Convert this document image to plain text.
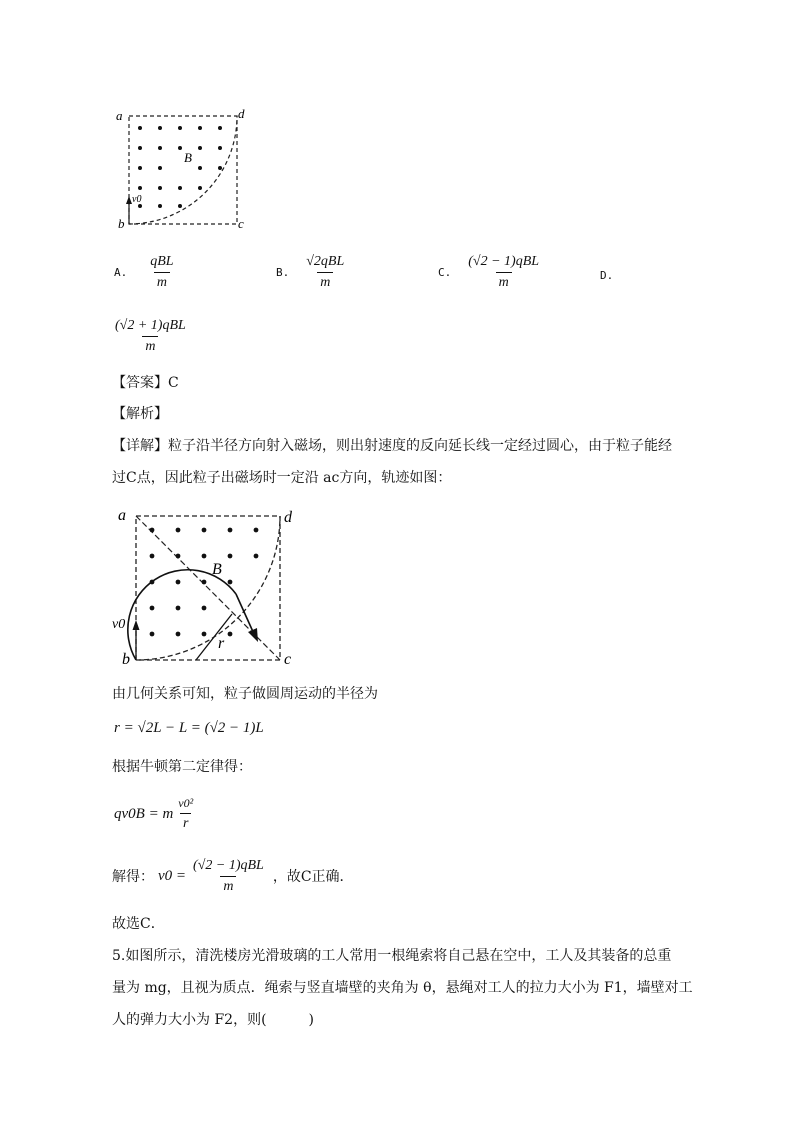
a	d
b	c
B
v0
A. $\frac{\text{qBL}}{m}$	B. $\frac{\text{√2qBL}}{m}$	C. $\frac{\text{(√2 − 1)qBL}}{m}$	D.
$\frac{\text{(√2 + 1)qBL}}{m}$
【答案】C
【解析】
【详解】粒子沿半径方向射入磁场，则出射速度的反向延长线一定经过圆心，由于粒子能经
过C点，因此粒子出磁场时一定沿 ac方向，轨迹如图：
a	d
b	c
B
v0
r
由几何关系可知，粒子做圆周运动的半径为
r = √2L − L = (√2 − 1)L
根据牛顿第二定律得：
qv0B = m $\frac{\text{v0²}}{r}$
解得： $v0 = \frac{\text{(√2 − 1)qBL}}{m}$ ，故C正确．
故选C．
5.如图所示，清洗楼房光滑玻璃的工人常用一根绳索将自己悬在空中，工人及其装备的总重
量为 mg，且视为质点．绳索与竖直墙壁的夹角为 θ，悬绳对工人的拉力大小为 F1，墙壁对工
人的弹力大小为 F2，则(　　　)
